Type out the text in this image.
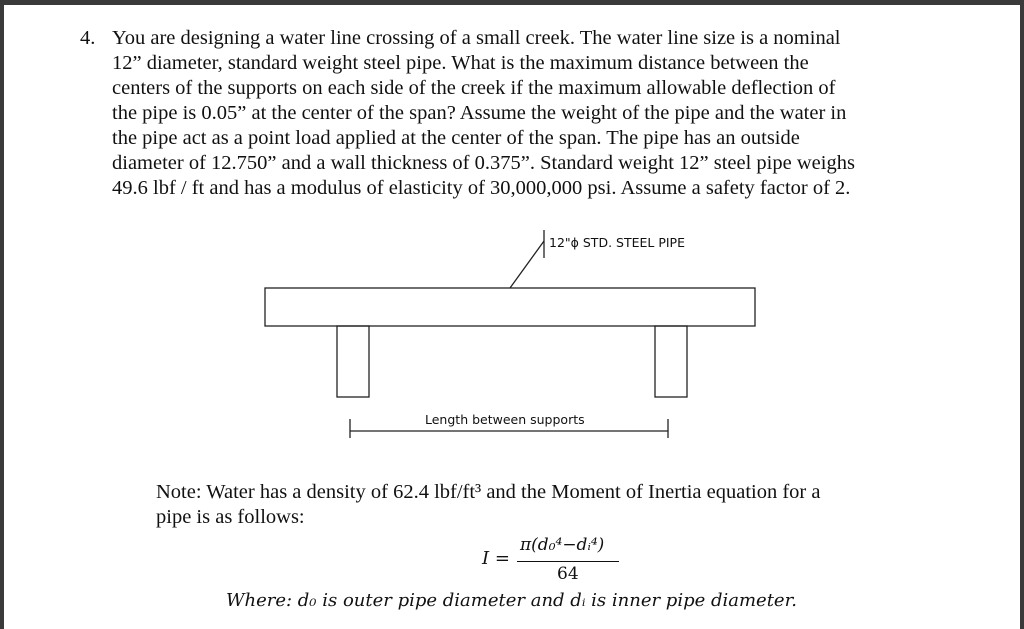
4. You are designing a water line crossing of a small creek. The water line size is a nominal
12” diameter, standard weight steel pipe. What is the maximum distance between the
centers of the supports on each side of the creek if the maximum allowable deflection of
the pipe is 0.05” at the center of the span? Assume the weight of the pipe and the water in
the pipe act as a point load applied at the center of the span. The pipe has an outside
diameter of 12.750” and a wall thickness of 0.375”. Standard weight 12” steel pipe weighs
49.6 lbf / ft and has a modulus of elasticity of 30,000,000 psi. Assume a safety factor of 2.
12"ϕ STD. STEEL PIPE
Length between supports
Note: Water has a density of 62.4 lbf/ft³ and the Moment of Inertia equation for a
pipe is as follows:
I =
π(d₀⁴−dᵢ⁴)
64
Where: d₀ is outer pipe diameter and dᵢ is inner pipe diameter.
